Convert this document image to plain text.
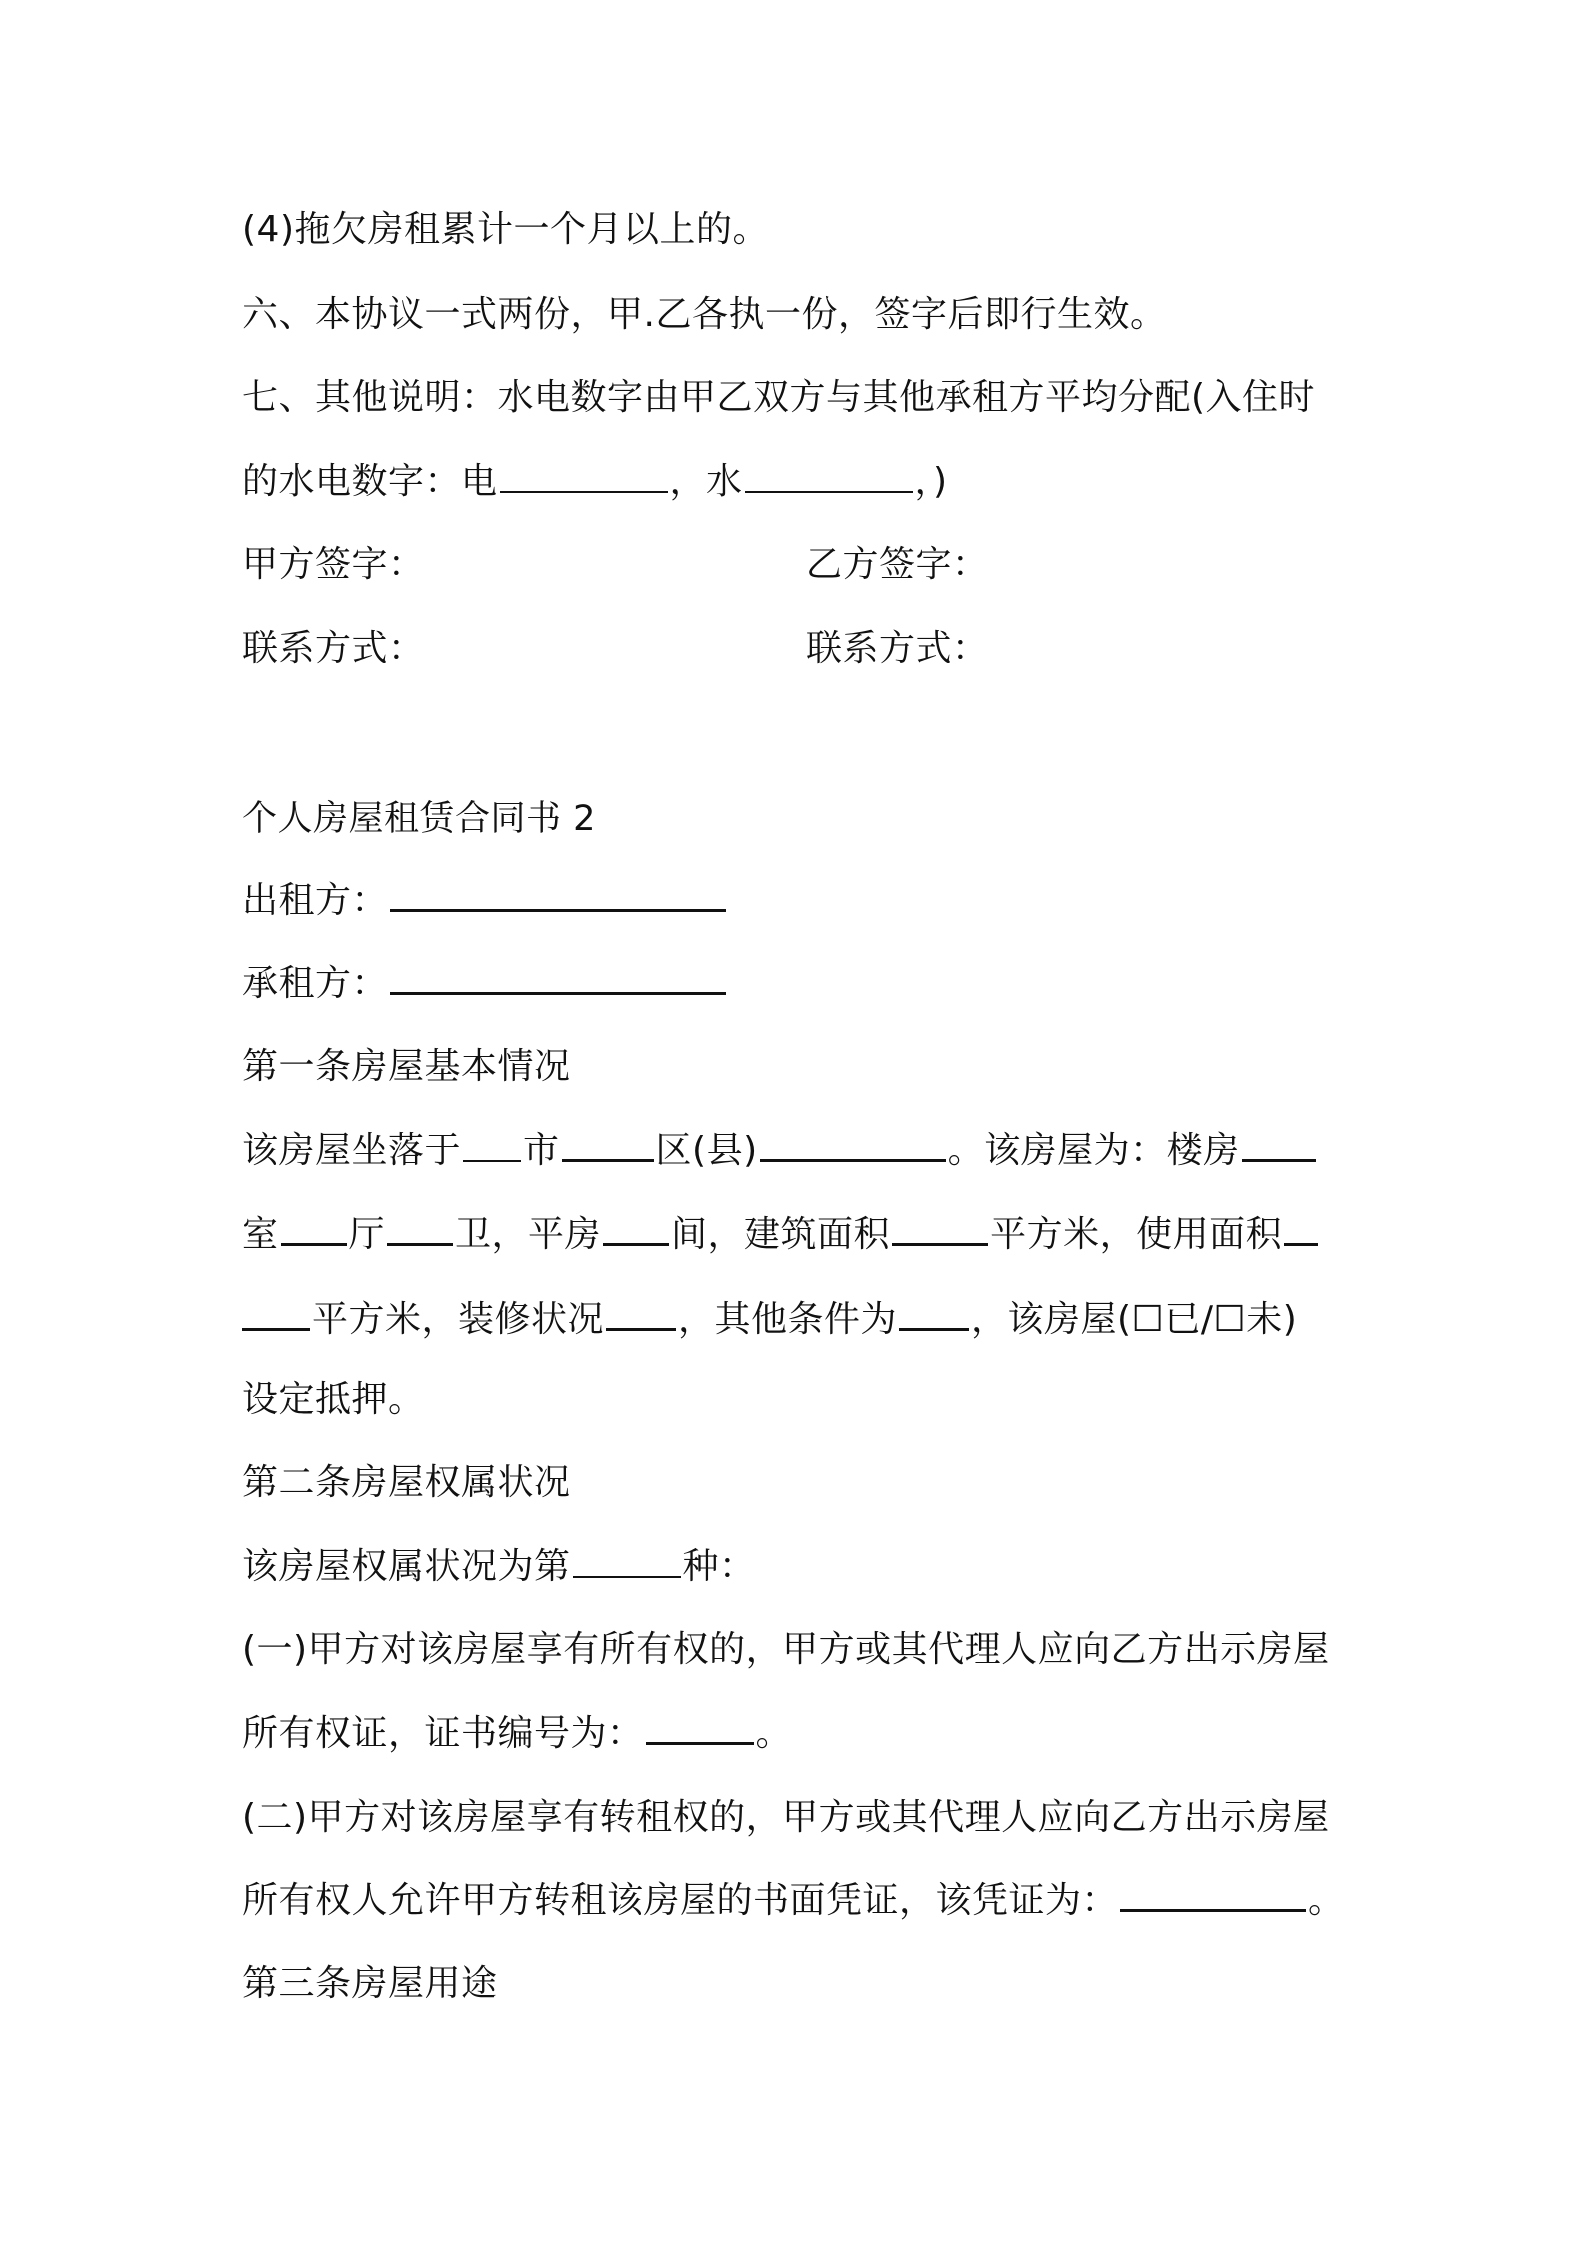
(4)拖欠房租累计一个月以上的。
六、本协议一式两份，甲.乙各执一份，签字后即行生效。
七、其他说明：水电数字由甲乙双方与其他承租方平均分配(入住时
的水电数字：电	，水	，)
甲方签字：	乙方签字：
联系方式：	联系方式：
个人房屋租赁合同书 2
出租方：
承租方：
第一条房屋基本情况
该房屋坐落于 市	区(县)	。该房屋为：楼房
室 厅 卫，平房 间，建筑面积	平方米，使用面积
平方米，装修状况 ，其他条件为 ，该房屋(☐已/☐未)
设定抵押。
第二条房屋权属状况
该房屋权属状况为第	种：
(一)甲方对该房屋享有所有权的，甲方或其代理人应向乙方出示房屋
所有权证，证书编号为：	。
(二)甲方对该房屋享有转租权的，甲方或其代理人应向乙方出示房屋
所有权人允许甲方转租该房屋的书面凭证，该凭证为：	。
第三条房屋用途
